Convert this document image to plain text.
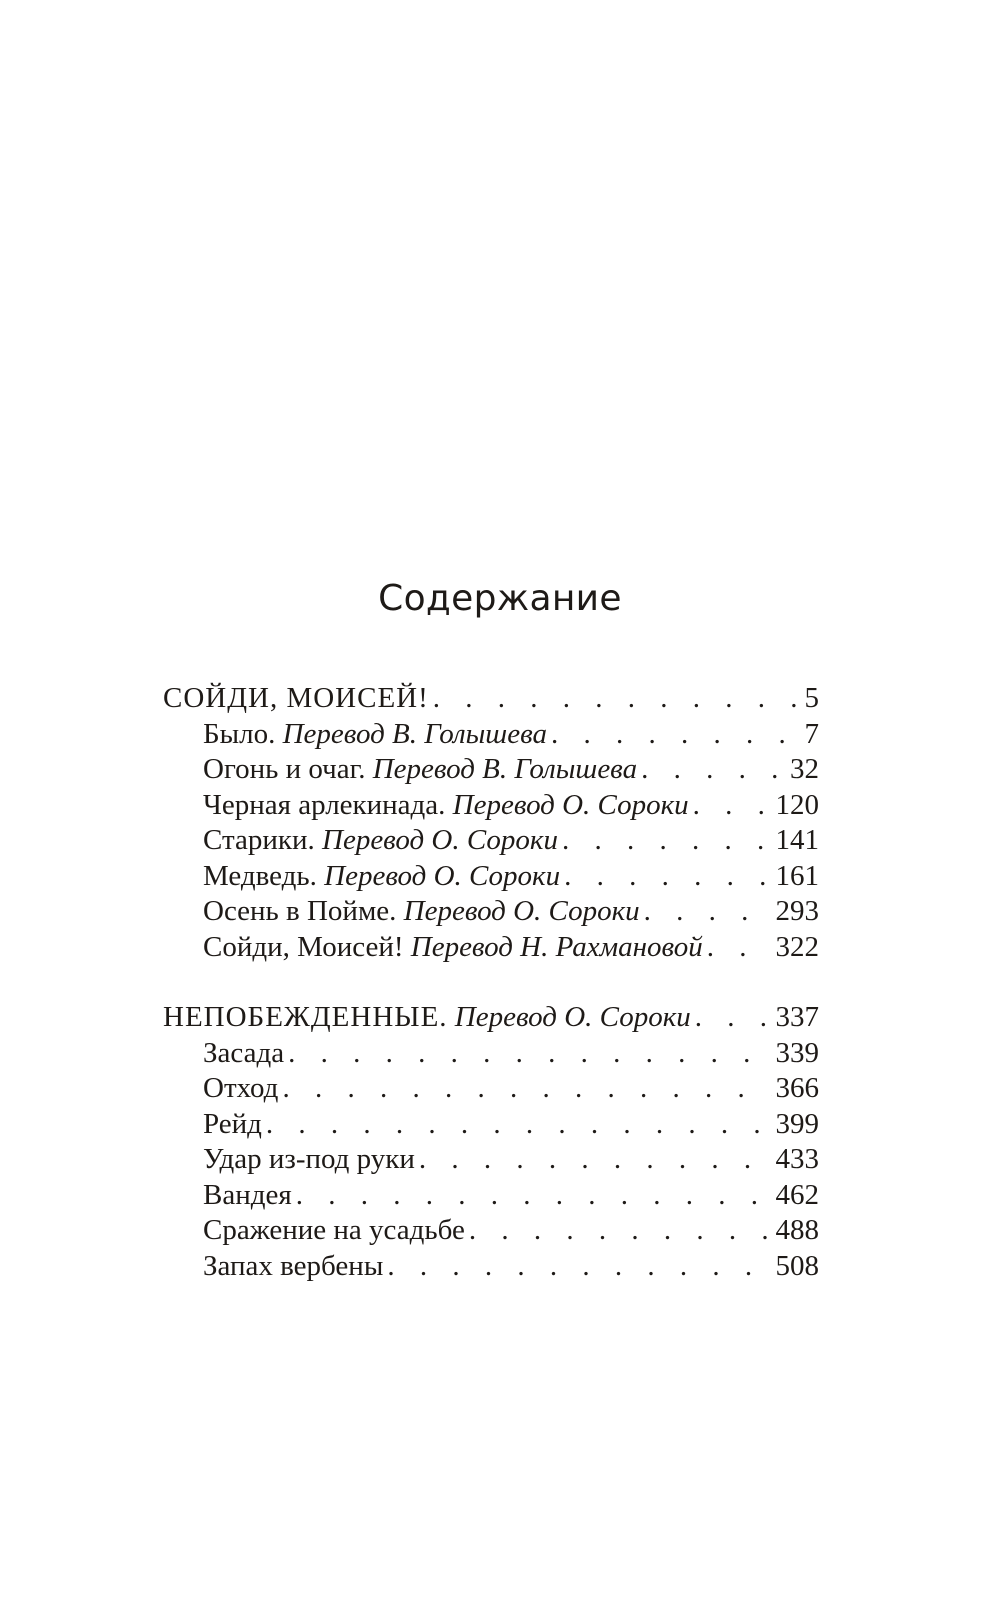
Содержание
СОЙДИ, МОИСЕЙ! . . .	5
Было. Перевод В. Голышева . . .	7
Огонь и очаг. Перевод В. Голышева . . .	32
Черная арлекинада. Перевод О. Сороки . . .	120
Старики. Перевод О. Сороки . . .	141
Медведь. Перевод О. Сороки . . .	161
Осень в Пойме. Перевод О. Сороки . . .	293
Сойди, Моисей! Перевод Н. Рахмановой . . .	322
НЕПОБЕЖДЕННЫЕ. Перевод О. Сороки . . .	337
Засада . . .	339
Отход . . .	366
Рейд . . .	399
Удар из-под руки . . .	433
Вандея . . .	462
Сражение на усадьбе . . .	488
Запах вербены . . .	508
